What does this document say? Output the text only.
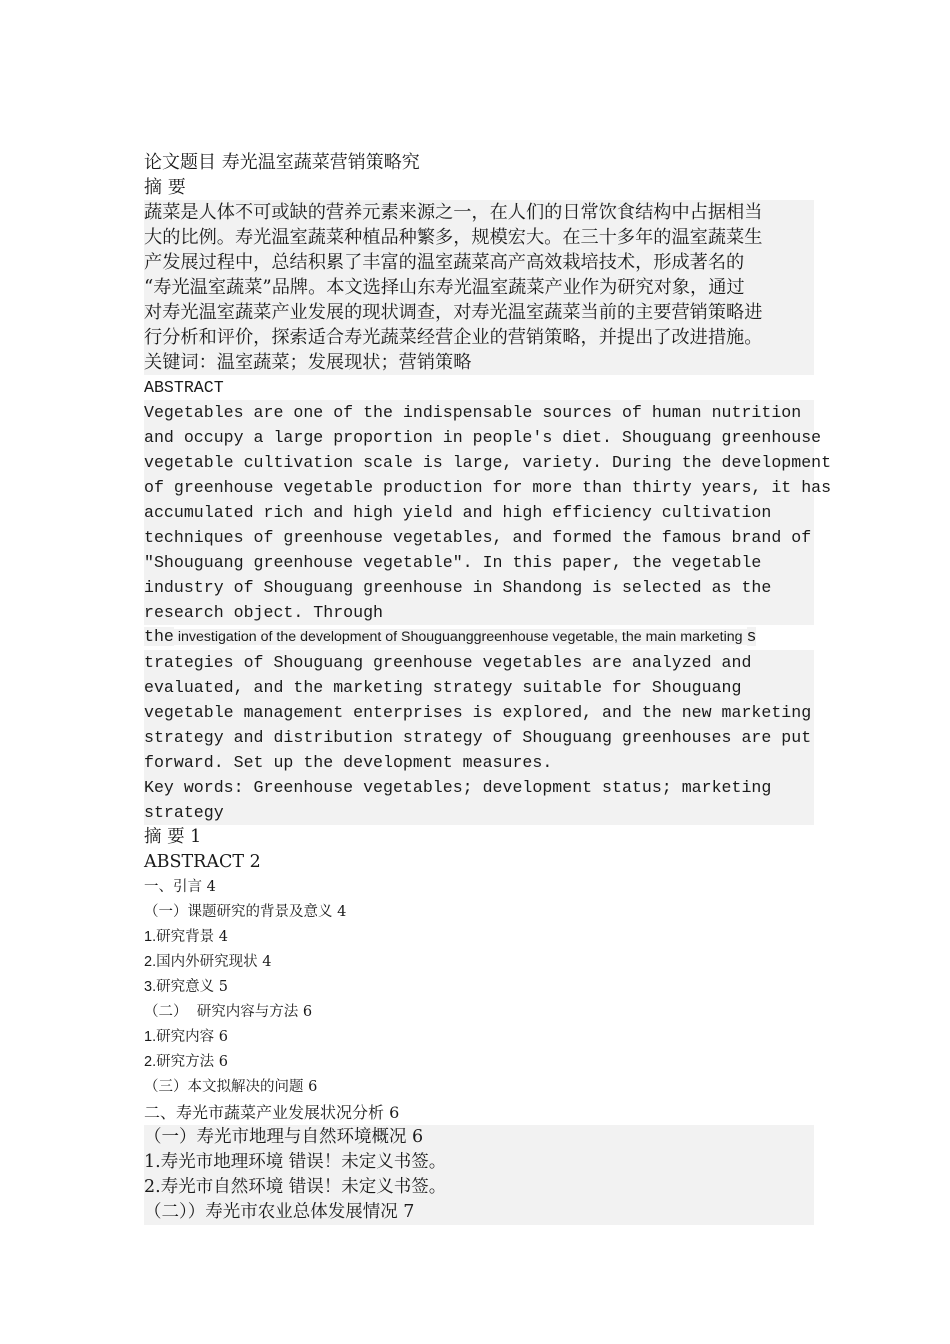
论文题目 寿光温室蔬菜营销策略究
摘 要
蔬菜是人体不可或缺的营养元素来源之一，在人们的日常饮食结构中占据相当
大的比例。寿光温室蔬菜种植品种繁多，规模宏大。在三十多年的温室蔬菜生
产发展过程中，总结积累了丰富的温室蔬菜高产高效栽培技术，形成著名的
“寿光温室蔬菜”品牌。本文选择山东寿光温室蔬菜产业作为研究对象，通过
对寿光温室蔬菜产业发展的现状调查，对寿光温室蔬菜当前的主要营销策略进
行分析和评价，探索适合寿光蔬菜经营企业的营销策略，并提出了改进措施。
关键词：温室蔬菜；发展现状；营销策略
ABSTRACT
Vegetables are one of the indispensable sources of human nutrition
and occupy a large proportion in people's diet. Shouguang greenhouse
vegetable cultivation scale is large, variety. During the development
of greenhouse vegetable production for more than thirty years, it has
accumulated rich and high yield and high efficiency cultivation
techniques of greenhouse vegetables, and formed the famous brand of
"Shouguang greenhouse vegetable". In this paper, the vegetable
industry of Shouguang greenhouse in Shandong is selected as the
research object. Through
the investigation of the development of Shouguanggreenhouse vegetable, the main marketing s
trategies of Shouguang greenhouse vegetables are analyzed and
evaluated, and the marketing strategy suitable for Shouguang
vegetable management enterprises is explored, and the new marketing
strategy and distribution strategy of Shouguang greenhouses are put
forward. Set up the development measures.
Key words: Greenhouse vegetables; development status; marketing
strategy
摘 要 1
ABSTRACT 2
一、引言 4
（一）课题研究的背景及意义 4
1.研究背景 4
2.国内外研究现状 4
3.研究意义 5
（二）  研究内容与方法 6
1.研究内容 6
2.研究方法 6
（三）本文拟解决的问题 6
二、寿光市蔬菜产业发展状况分析 6
（一）寿光市地理与自然环境概况 6
1.寿光市地理环境 错误！未定义书签。
2.寿光市自然环境 错误！未定义书签。
（二））寿光市农业总体发展情况 7
